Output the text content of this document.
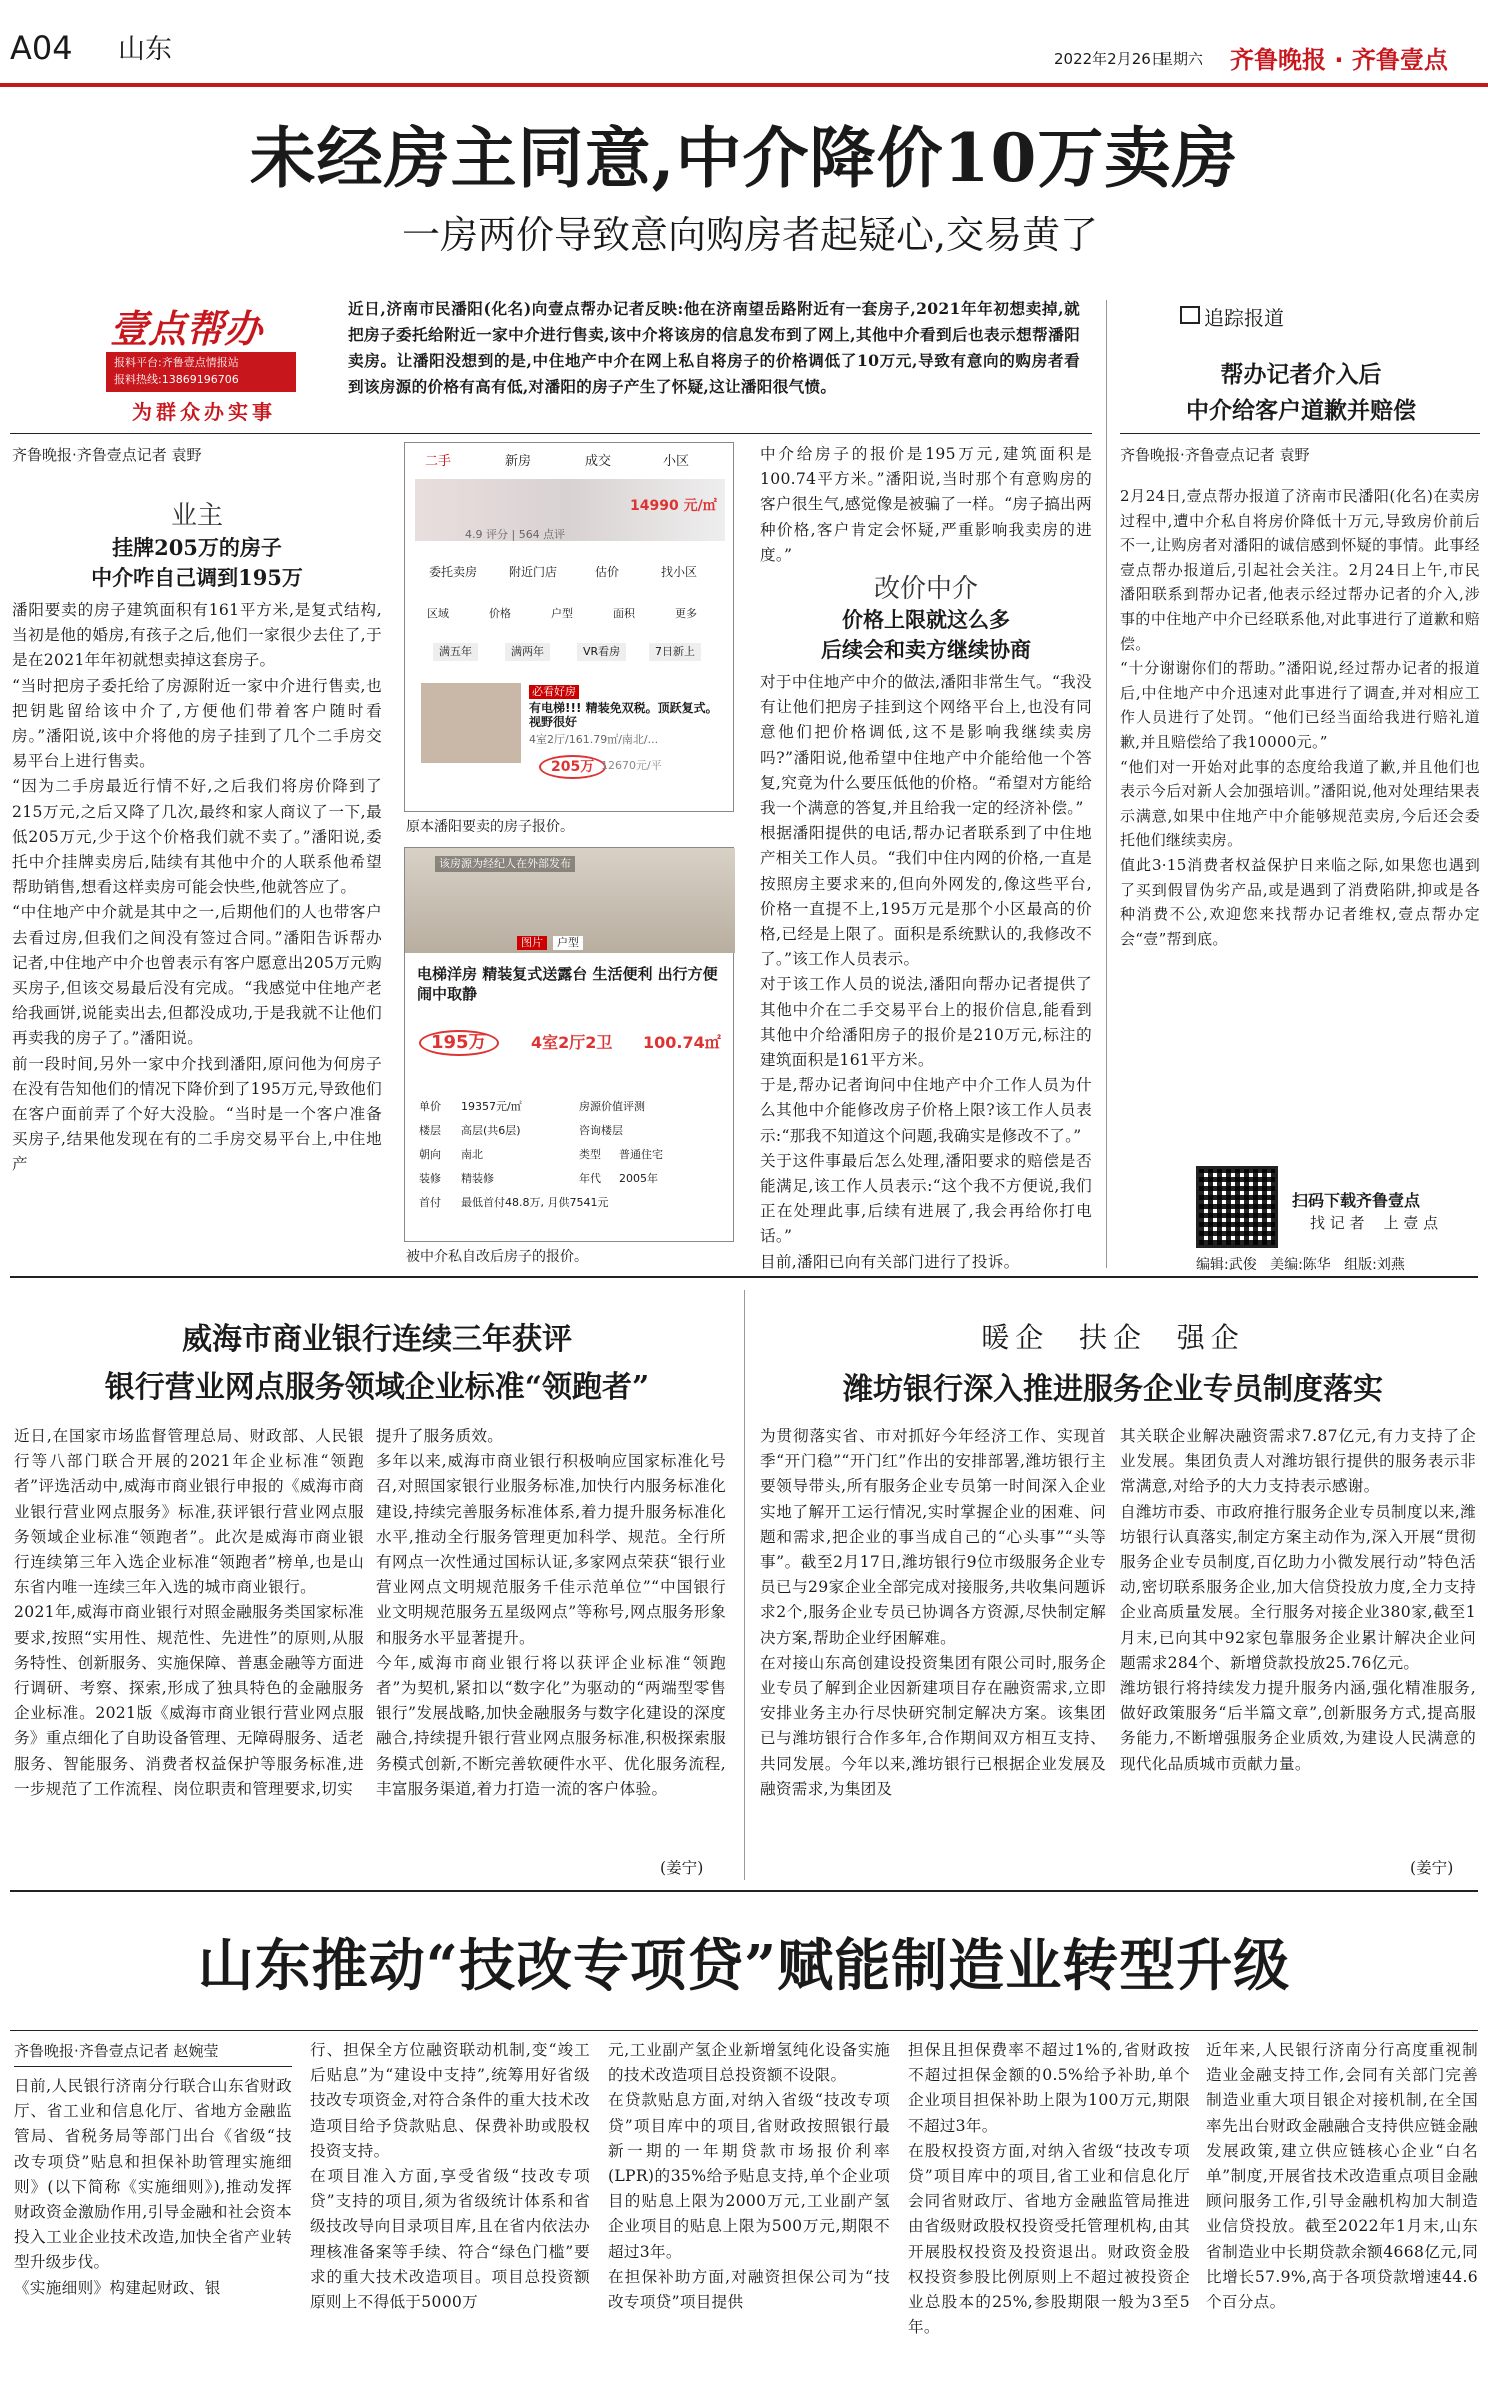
A04 山东	2022年2月26日
星期六 齐鲁晚报 · 齐鲁壹点
未经房主同意,中介降价10万卖房
一房两价导致意向购房者起疑心,交易黄了
壹点帮办
报料平台:齐鲁壹点情报站
报料热线:13869196706
为群众办实事
近日,济南市民潘阳(化名)向壹点帮办记者反映:他在济南望岳路附近有一套房子,2021年年初想卖掉,就把房子委托给附近一家中介进行售卖,该中介将该房的信息发布到了网上,其他中介看到后也表示想帮潘阳卖房。让潘阳没想到的是,中住地产中介在网上私自将房子的价格调低了10万元,导致有意向的购房者看到该房源的价格有高有低,对潘阳的房子产生了怀疑,这让潘阳很气愤。
齐鲁晚报·齐鲁壹点记者 袁野
业主
挂牌205万的房子
中介咋自己调到195万
潘阳要卖的房子建筑面积有161平方米,是复式结构,当初是他的婚房,有孩子之后,他们一家很少去住了,于是在2021年年初就想卖掉这套房子。
“当时把房子委托给了房源附近一家中介进行售卖,也把钥匙留给该中介了,方便他们带着客户随时看房。”潘阳说,该中介将他的房子挂到了几个二手房交易平台上进行售卖。
“因为二手房最近行情不好,之后我们将房价降到了215万元,之后又降了几次,最终和家人商议了一下,最低205万元,少于这个价格我们就不卖了。”潘阳说,委托中介挂牌卖房后,陆续有其他中介的人联系他希望帮助销售,想看这样卖房可能会快些,他就答应了。
“中住地产中介就是其中之一,后期他们的人也带客户去看过房,但我们之间没有签过合同。”潘阳告诉帮办记者,中住地产中介也曾表示有客户愿意出205万元购买房子,但该交易最后没有完成。“我感觉中住地产老给我画饼,说能卖出去,但都没成功,于是我就不让他们再卖我的房子了。”潘阳说。
前一段时间,另外一家中介找到潘阳,原问他为何房子在没有告知他们的情况下降价到了195万元,导致他们在客户面前弄了个好大没脸。“当时是一个客户准备买房子,结果他发现在有的二手房交易平台上,中住地产
二手	新房	成交	小区
14990 元/㎡
4.9 评分 | 564 点评
委托卖房	附近门店	估价	找小区
区域	价格	户型	面积	更多
满五年	满两年	VR看房	7日新上
必看好房
有电梯!!! 精装免双税。顶跃复式。视野很好
4室2厅/161.79㎡/南北/...
205万 12670元/平
原本潘阳要卖的房子报价。
该房源为经纪人在外部发布
图片	户型
电梯洋房 精装复式送露台 生活便利 出行方便 闹中取静
195万	4室2厅2卫 100.74㎡
单价 19357元/㎡	房源价值评测
楼层 高层(共6层)	咨询楼层
朝向 南北	类型 普通住宅
装修 精装修	年代 2005年
首付 最低首付48.8万, 月供7541元
被中介私自改后房子的报价。
中介给房子的报价是195万元,建筑面积是100.74平方米。”潘阳说,当时那个有意购房的客户很生气,感觉像是被骗了一样。“房子搞出两种价格,客户肯定会怀疑,严重影响我卖房的进度。”
改价中介
价格上限就这么多
后续会和卖方继续协商
对于中住地产中介的做法,潘阳非常生气。“我没有让他们把房子挂到这个网络平台上,也没有同意他们把价格调低,这不是影响我继续卖房吗?”潘阳说,他希望中住地产中介能给他一个答复,究竟为什么要压低他的价格。“希望对方能给我一个满意的答复,并且给我一定的经济补偿。”
根据潘阳提供的电话,帮办记者联系到了中住地产相关工作人员。“我们中住内网的价格,一直是按照房主要求来的,但向外网发的,像这些平台,价格一直提不上,195万元是那个小区最高的价格,已经是上限了。面积是系统默认的,我修改不了。”该工作人员表示。
对于该工作人员的说法,潘阳向帮办记者提供了其他中介在二手交易平台上的报价信息,能看到其他中介给潘阳房子的报价是210万元,标注的建筑面积是161平方米。
于是,帮办记者询问中住地产中介工作人员为什么其他中介能修改房子价格上限?该工作人员表示:“那我不知道这个问题,我确实是修改不了。”
关于这件事最后怎么处理,潘阳要求的赔偿是否能满足,该工作人员表示:“这个我不方便说,我们正在处理此事,后续有进展了,我会再给你打电话。”
目前,潘阳已向有关部门进行了投诉。
追踪报道
帮办记者介入后
中介给客户道歉并赔偿
齐鲁晚报·齐鲁壹点记者 袁野
2月24日,壹点帮办报道了济南市民潘阳(化名)在卖房过程中,遭中介私自将房价降低十万元,导致房价前后不一,让购房者对潘阳的诚信感到怀疑的事情。此事经壹点帮办报道后,引起社会关注。2月24日上午,市民潘阳联系到帮办记者,他表示经过帮办记者的介入,涉事的中住地产中介已经联系他,对此事进行了道歉和赔偿。
“十分谢谢你们的帮助。”潘阳说,经过帮办记者的报道后,中住地产中介迅速对此事进行了调查,并对相应工作人员进行了处罚。“他们已经当面给我进行赔礼道歉,并且赔偿给了我10000元。”
“他们对一开始对此事的态度给我道了歉,并且他们也表示今后对新人会加强培训。”潘阳说,他对处理结果表示满意,如果中住地产中介能够规范卖房,今后还会委托他们继续卖房。
值此3·15消费者权益保护日来临之际,如果您也遇到了买到假冒伪劣产品,或是遇到了消费陷阱,抑或是各种消费不公,欢迎您来找帮办记者维权,壹点帮办定会“壹”帮到底。
扫码下载齐鲁壹点
找 记 者    上 壹 点
编辑:武俊   美编:陈华   组版:刘燕
威海市商业银行连续三年获评
银行营业网点服务领域企业标准“领跑者”
近日,在国家市场监督管理总局、财政部、人民银行等八部门联合开展的2021年企业标准“领跑者”评选活动中,威海市商业银行申报的《威海市商业银行营业网点服务》标准,获评银行营业网点服务领域企业标准“领跑者”。此次是威海市商业银行连续第三年入选企业标准“领跑者”榜单,也是山东省内唯一连续三年入选的城市商业银行。
2021年,威海市商业银行对照金融服务类国家标准要求,按照“实用性、规范性、先进性”的原则,从服务特性、创新服务、实施保障、普惠金融等方面进行调研、考察、探索,形成了独具特色的金融服务企业标准。2021版《威海市商业银行营业网点服务》重点细化了自助设备管理、无障碍服务、适老服务、智能服务、消费者权益保护等服务标准,进一步规范了工作流程、岗位职责和管理要求,切实
提升了服务质效。
多年以来,威海市商业银行积极响应国家标准化号召,对照国家银行业服务标准,加快行内服务标准化建设,持续完善服务标准体系,着力提升服务标准化水平,推动全行服务管理更加科学、规范。全行所有网点一次性通过国标认证,多家网点荣获“银行业营业网点文明规范服务千佳示范单位”“中国银行业文明规范服务五星级网点”等称号,网点服务形象和服务水平显著提升。
今年,威海市商业银行将以获评企业标准“领跑者”为契机,紧扣以“数字化”为驱动的“两端型零售银行”发展战略,加快金融服务与数字化建设的深度融合,持续提升银行营业网点服务标准,积极探索服务模式创新,不断完善软硬件水平、优化服务流程,丰富服务渠道,着力打造一流的客户体验。
(姜宁)
暖企  扶企  强企
潍坊银行深入推进服务企业专员制度落实
为贯彻落实省、市对抓好今年经济工作、实现首季“开门稳”“开门红”作出的安排部署,潍坊银行主要领导带头,所有服务企业专员第一时间深入企业实地了解开工运行情况,实时掌握企业的困难、问题和需求,把企业的事当成自己的“心头事”“头等事”。截至2月17日,潍坊银行9位市级服务企业专员已与29家企业全部完成对接服务,共收集问题诉求2个,服务企业专员已协调各方资源,尽快制定解决方案,帮助企业纾困解难。
在对接山东高创建设投资集团有限公司时,服务企业专员了解到企业因新建项目存在融资需求,立即安排业务主办行尽快研究制定解决方案。该集团已与潍坊银行合作多年,合作期间双方相互支持、共同发展。今年以来,潍坊银行已根据企业发展及融资需求,为集团及
其关联企业解决融资需求7.87亿元,有力支持了企业发展。集团负责人对潍坊银行提供的服务表示非常满意,对给予的大力支持表示感谢。
自潍坊市委、市政府推行服务企业专员制度以来,潍坊银行认真落实,制定方案主动作为,深入开展“贯彻服务企业专员制度,百亿助力小微发展行动”特色活动,密切联系服务企业,加大信贷投放力度,全力支持企业高质量发展。全行服务对接企业380家,截至1月末,已向其中92家包靠服务企业累计解决企业问题需求284个、新增贷款投放25.76亿元。
潍坊银行将持续发力提升服务内涵,强化精准服务,做好政策服务“后半篇文章”,创新服务方式,提高服务能力,不断增强服务企业质效,为建设人民满意的现代化品质城市贡献力量。
(姜宁)
山东推动“技改专项贷”赋能制造业转型升级
齐鲁晚报·齐鲁壹点记者 赵婉莹
日前,人民银行济南分行联合山东省财政厅、省工业和信息化厅、省地方金融监管局、省税务局等部门出台《省级“技改专项贷”贴息和担保补助管理实施细则》(以下简称《实施细则》),推动发挥财政资金激励作用,引导金融和社会资本投入工业企业技术改造,加快全省产业转型升级步伐。
《实施细则》构建起财政、银
行、担保全方位融资联动机制,变“竣工后贴息”为“建设中支持”,统筹用好省级技改专项资金,对符合条件的重大技术改造项目给予贷款贴息、保费补助或股权投资支持。
在项目准入方面,享受省级“技改专项贷”支持的项目,须为省级统计体系和省级技改导向目录项目库,且在省内依法办理核准备案等手续、符合“绿色门槛”要求的重大技术改造项目。项目总投资额原则上不得低于5000万
元,工业副产氢企业新增氢纯化设备实施的技术改造项目总投资额不设限。
在贷款贴息方面,对纳入省级“技改专项贷”项目库中的项目,省财政按照银行最新一期的一年期贷款市场报价利率(LPR)的35%给予贴息支持,单个企业项目的贴息上限为2000万元,工业副产氢企业项目的贴息上限为500万元,期限不超过3年。
在担保补助方面,对融资担保公司为“技改专项贷”项目提供
担保且担保费率不超过1%的,省财政按不超过担保金额的0.5%给予补助,单个企业项目担保补助上限为100万元,期限不超过3年。
在股权投资方面,对纳入省级“技改专项贷”项目库中的项目,省工业和信息化厅会同省财政厅、省地方金融监管局推进由省级财政股权投资受托管理机构,由其开展股权投资及投资退出。财政资金股权投资参股比例原则上不超过被投资企业总股本的25%,参股期限一般为3至5年。
近年来,人民银行济南分行高度重视制造业金融支持工作,会同有关部门完善制造业重大项目银企对接机制,在全国率先出台财政金融融合支持供应链金融发展政策,建立供应链核心企业“白名单”制度,开展省技术改造重点项目金融顾问服务工作,引导金融机构加大制造业信贷投放。截至2022年1月末,山东省制造业中长期贷款余额4668亿元,同比增长57.9%,高于各项贷款增速44.6个百分点。
